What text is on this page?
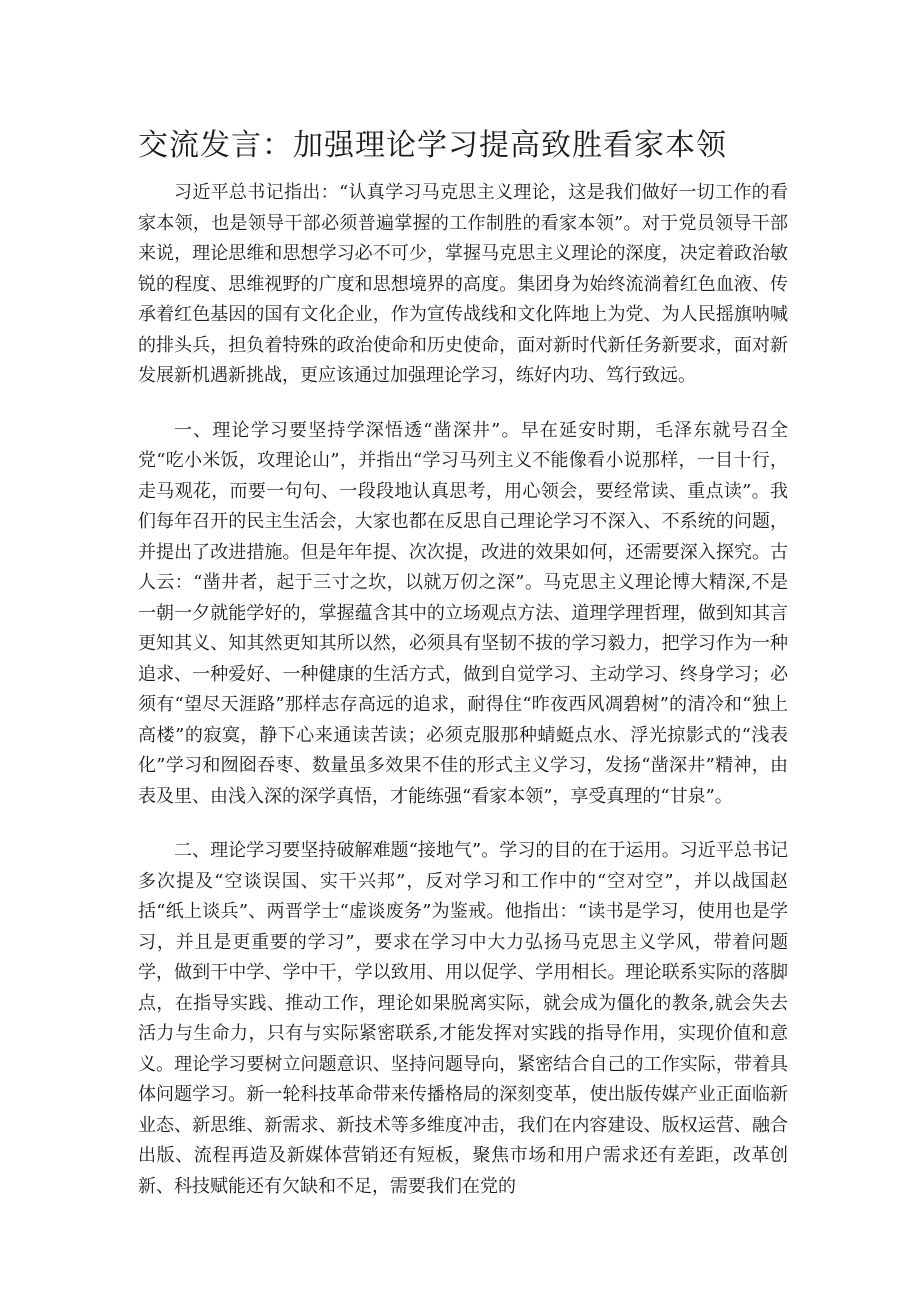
交流发言：加强理论学习提高致胜看家本领

习近平总书记指出：“认真学习马克思主义理论，这是我们做好一切工作的看家本领，也是领导干部必须普遍掌握的工作制胜的看家本领”。对于党员领导干部来说，理论思维和思想学习必不可少，掌握马克思主义理论的深度，决定着政治敏锐的程度、思维视野的广度和思想境界的高度。集团身为始终流淌着红色血液、传承着红色基因的国有文化企业，作为宣传战线和文化阵地上为党、为人民摇旗呐喊的排头兵，担负着特殊的政治使命和历史使命，面对新时代新任务新要求，面对新发展新机遇新挑战，更应该通过加强理论学习，练好内功、笃行致远。

一、理论学习要坚持学深悟透“凿深井”。早在延安时期，毛泽东就号召全党“吃小米饭，攻理论山”，并指出“学习马列主义不能像看小说那样，一目十行，走马观花，而要一句句、一段段地认真思考，用心领会，要经常读、重点读”。我们每年召开的民主生活会，大家也都在反思自己理论学习不深入、不系统的问题，并提出了改进措施。但是年年提、次次提，改进的效果如何，还需要深入探究。古人云：“凿井者，起于三寸之坎，以就万仞之深”。马克思主义理论博大精深,不是一朝一夕就能学好的，掌握蕴含其中的立场观点方法、道理学理哲理，做到知其言更知其义、知其然更知其所以然，必须具有坚韧不拔的学习毅力，把学习作为一种追求、一种爱好、一种健康的生活方式，做到自觉学习、主动学习、终身学习；必须有“望尽天涯路”那样志存高远的追求，耐得住“昨夜西风凋碧树”的清冷和“独上高楼”的寂寞，静下心来通读苦读；必须克服那种蜻蜓点水、浮光掠影式的“浅表化”学习和囫囵吞枣、数量虽多效果不佳的形式主义学习，发扬“凿深井”精神，由表及里、由浅入深的深学真悟，才能练强“看家本领”，享受真理的“甘泉”。

二、理论学习要坚持破解难题“接地气”。学习的目的在于运用。习近平总书记多次提及“空谈误国、实干兴邦”，反对学习和工作中的“空对空”，并以战国赵括“纸上谈兵”、两晋学士“虚谈废务”为鉴戒。他指出：“读书是学习，使用也是学习，并且是更重要的学习”，要求在学习中大力弘扬马克思主义学风，带着问题学，做到干中学、学中干，学以致用、用以促学、学用相长。理论联系实际的落脚点，在指导实践、推动工作，理论如果脱离实际，就会成为僵化的教条,就会失去活力与生命力，只有与实际紧密联系,才能发挥对实践的指导作用，实现价值和意义。理论学习要树立问题意识、坚持问题导向，紧密结合自己的工作实际，带着具体问题学习。新一轮科技革命带来传播格局的深刻变革，使出版传媒产业正面临新业态、新思维、新需求、新技术等多维度冲击，我们在内容建设、版权运营、融合出版、流程再造及新媒体营销还有短板，聚焦市场和用户需求还有差距，改革创新、科技赋能还有欠缺和不足，需要我们在党的
